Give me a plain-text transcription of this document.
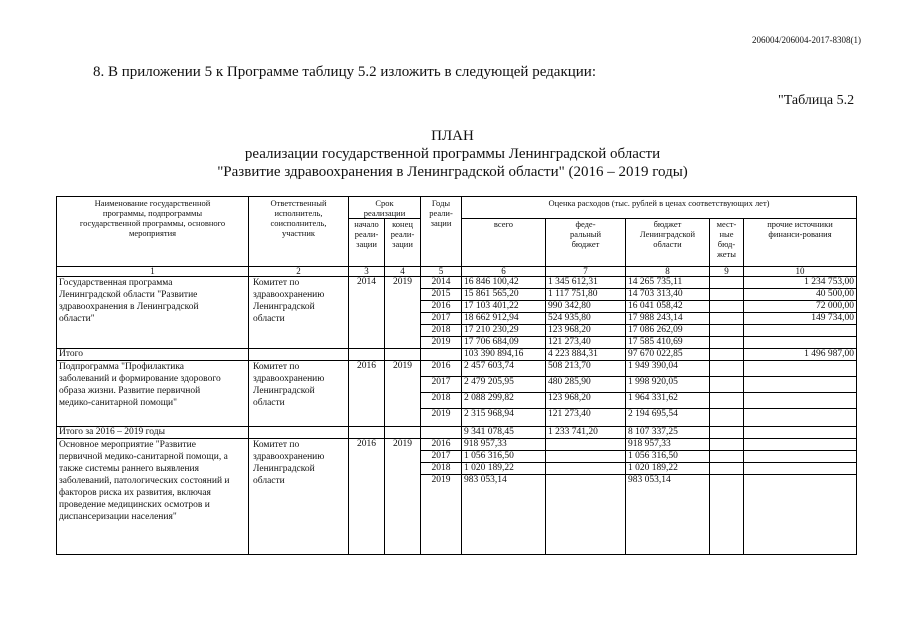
206004/206004-2017-8308(1)
8. В приложении 5 к Программе таблицу 5.2 изложить в следующей редакции:
"Таблица 5.2
ПЛАН
реализации государственной программы Ленинградской области
"Развитие здравоохранения в Ленинградской области" (2016 – 2019 годы)
Наименование государственной программы, подпрограммы государственной программы, основного мероприятия	Ответственный исполнитель, соисполнитель, участник	Срок реализации		Годы реали-зации	Оценка расходов (тыс. рублей в ценах соответствующих лет)				
		начало реали-зации	конец реали-зации		всего	феде-ральный бюджет	бюджет Ленинградской области	мест-ные бюд-жеты	прочие источники финанси-рования
1	2	3	4	5	6	7	8	9	10
Государственная программа Ленинградской области "Развитие здравоохранения в Ленинградской области"	Комитет по здравоохранению Ленинградской области	2014	2019	2014	16 846 100,42	1 345 612,31	14 265 735,11		1 234 753,00
				2015	15 861 565,20	1 117 751,80	14 703 313,40		40 500,00
				2016	17 103 401,22	990 342,80	16 041 058,42		72 000,00
				2017	18 662 912,94	524 935,80	17 988 243,14		149 734,00
				2018	17 210 230,29	123 968,20	17 086 262,09		
				2019	17 706 684,09	121 273,40	17 585 410,69		
Итого					103 390 894,16	4 223 884,31	97 670 022,85		1 496 987,00
Подпрограмма "Профилактика заболеваний и формирование здорового образа жизни. Развитие первичной медико-санитарной помощи"	Комитет по здравоохранению Ленинградской области	2016	2019	2016	2 457 603,74	508 213,70	1 949 390,04		
				2017	2 479 205,95	480 285,90	1 998 920,05		
				2018	2 088 299,82	123 968,20	1 964 331,62		
				2019	2 315 968,94	121 273,40	2 194 695,54		
Итого за 2016 – 2019 годы					9 341 078,45	1 233 741,20	8 107 337,25		
Основное мероприятие "Развитие первичной медико-санитарной помощи, а также системы раннего выявления заболеваний, патологических состояний и факторов риска их развития, включая проведение медицинских осмотров и диспансеризации населения"	Комитет по здравоохранению Ленинградской области	2016	2019	2016	918 957,33		918 957,33		
				2017	1 056 316,50		1 056 316,50		
				2018	1 020 189,22		1 020 189,22		
				2019	983 053,14		983 053,14		
